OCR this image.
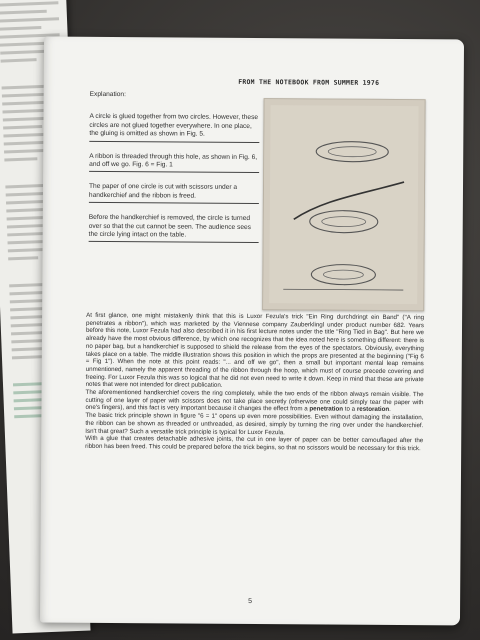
FROM THE NOTEBOOK FROM SUMMER 1976
Explanation:

A circle is glued together from two circles. However, these circles are not glued together everywhere. In one place, the gluing is omitted as shown in Fig. 5.

A ribbon is threaded through this hole, as shown in Fig. 6, and off we go. Fig. 6 = Fig. 1

The paper of one circle is cut with scissors under a handkerchief and the ribbon is freed.

Before the handkerchief is removed, the circle is turned over so that the cut cannot be seen. The audience sees the circle lying intact on the table.

At first glance, one might mistakenly think that this is Luxor Fezula's trick "Ein Ring durchdringt ein Band" ("A ring penetrates a ribbon"), which was marketed by the Viennese company Zauberklingl under product number 682. Years before this note, Luxor Fezula had also described it in his first lecture notes under the title "Ring Tied in Bag". But here we already have the most obvious difference, by which one recognizes that the idea noted here is something different: there is no paper bag, but a handkerchief is supposed to shield the release from the eyes of the spectators. Obviously, everything takes place on a table. The middle illustration shows this position in which the props are presented at the beginning ("Fig 6 = Fig 1"). When the note at this point reads: "... and off we go", then a small but important mental leap remains unmentioned, namely the apparent threading of the ribbon through the hoop, which must of course precede covering and freeing. For Luxor Fezula this was so logical that he did not even need to write it down. Keep in mind that these are private notes that were not intended for direct publication.

The aforementioned handkerchief covers the ring completely, while the two ends of the ribbon always remain visible. The cutting of one layer of paper with scissors does not take place secretly (otherwise one could simply tear the paper with one's fingers), and this fact is very important because it changes the effect from a penetration to a restoration.

The basic trick principle shown in figure "6 = 1" opens up even more possibilities. Even without damaging the installation, the ribbon can be shown as threaded or unthreaded, as desired, simply by turning the ring over under the handkerchief. Isn't that great? Such a versatile trick principle is typical for Luxor Fezula.

With a glue that creates detachable adhesive joints, the cut in one layer of paper can be better camouflaged after the ribbon has been freed. This could be prepared before the trick begins, so that no scissors would be necessary for this trick.

5
